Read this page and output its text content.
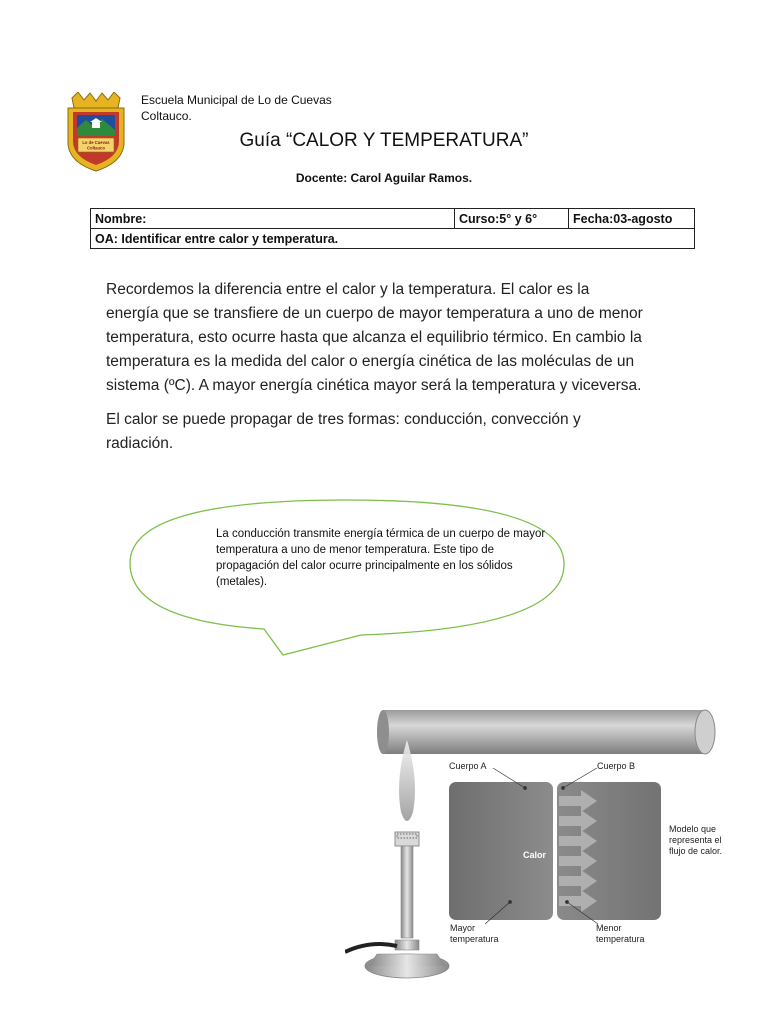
Lo de Cuevas
Coltauco
Escuela Municipal de Lo de Cuevas
Coltauco.
Guía “CALOR Y TEMPERATURA”
Docente: Carol Aguilar Ramos.
Nombre:	Curso:5° y 6°	Fecha:03-agosto
OA: Identificar entre calor y temperatura.

Recordemos la diferencia entre el calor y la temperatura. El calor es la energía que se transfiere de un cuerpo de mayor temperatura a uno de menor temperatura, esto ocurre hasta que alcanza el equilibrio térmico. En cambio la temperatura es la medida del calor o energía cinética de las moléculas de un sistema (ºC). A mayor energía cinética mayor será la temperatura y viceversa.

El calor se puede propagar de tres formas: conducción, convección y radiación.

La conducción transmite energía térmica de un cuerpo de mayor temperatura a uno de menor temperatura. Este tipo de propagación del calor ocurre principalmente en los sólidos (metales).
Cuerpo A	Cuerpo B
Calor
Modelo que
representa el
flujo de calor.
Mayor
temperatura
Menor
temperatura
